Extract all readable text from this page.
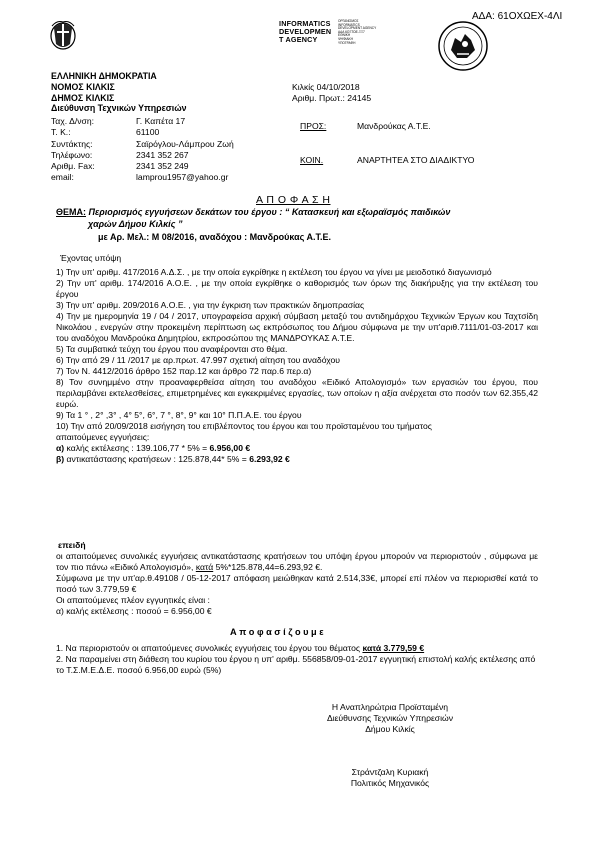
ΑΔΑ: 61ΟΧΩΕΧ-4ΛΙ
INFORMATICS
DEVELOPMEN
T AGENCY
ΟΡΓΑΝΙΣΜΟΣ
INFORMATICS
DEVELOPMENT AGENCY
ΑΔΑ 6ΟΞΤΩΕ-ΞΞ7
ΕΘΝΙΚΗ
ΨΗΦΙΑΚΗ
ΥΠΟΓΡΑΦΗ
ΕΛΛΗΝΙΚΗ ΔΗΜΟΚΡΑΤΙΑ
ΝΟΜΟΣ ΚΙΛΚΙΣ
ΔΗΜΟΣ ΚΙΛΚΙΣ
Διεύθυνση Τεχνικών Υπηρεσιών
Κιλκίς 04/10/2018
Αριθμ. Πρωτ.: 24145
Ταχ. Δ/νση:	Γ. Καπέτα 17
Τ. Κ.:	61100
Συντάκτης:	Σαϊρόγλου-Λάμπρου Ζωή
Τηλέφωνο:	2341 352 267
Αριθμ. Fax:	2341 352 249
email:	lamprou1957@yahoo.gr
ΠΡΟΣ:	Μανδρούκας Α.Τ.Ε.
ΚΟΙΝ.	ΑΝΑΡΤΗΤΕΑ ΣΤΟ ΔΙΑΔΙΚΤΥΟ
Α Π Ο Φ Α Σ Η
ΘΕΜΑ: Περιορισμός εγγυήσεων δεκάτων του έργου : “ Κατασκευή και εξωραϊσμός παιδικών
χαρών Δήμου Κιλκίς ”
με Αρ. Μελ.: Μ 08/2016, αναδόχου : Μανδρούκας Α.Τ.Ε.
Έχοντας υπόψη
1) Την υπ' αριθμ. 417/2016 Α.Δ.Σ. , με την οποία εγκρίθηκε η εκτέλεση του έργου να γίνει με μειοδοτικό διαγωνισμό
2) Την υπ' αριθμ. 174/2016 Α.Ο.Ε. , με την οποία εγκρίθηκε ο καθορισμός των όρων της διακήρυξης για την εκτέλεση του έργου
3) Την υπ' αριθμ. 209/2016 Α.Ο.Ε. , για την έγκριση των πρακτικών δημοπρασίας
4) Την με ημερομηνία 19 / 04 / 2017, υπογραφείσα αρχική σύμβαση μεταξύ του αντιδημάρχου Τεχνικών Έργων κου Ταχτσίδη Νικολάου , ενεργών στην προκειμένη περίπτωση ως εκπρόσωπος του Δήμου σύμφωνα με την υπ'αριθ.7111/01-03-2017 και του αναδόχου Μανδρούκα Δημητρίου, εκπροσώπου της ΜΑΝΔΡΟΥΚΑΣ Α.Τ.Ε.
5) Τα συμβατικά τεύχη του έργου που αναφέρονται στο θέμα.
6) Την από 29 / 11 /2017 με αρ.πρωτ. 47.997 σχετική αίτηση του αναδόχου
7) Τον Ν. 4412/2016 άρθρο 152 παρ.12 και άρθρο 72 παρ.6 περ.α)
8) Τον συνημμένο στην προαναφερθείσα αίτηση του αναδόχου «Ειδικό Απολογισμό» των εργασιών του έργου, που περιλαμβάνει εκτελεσθείσες, επιμετρημένες και εγκεκριμένες εργασίες, των οποίων η αξία ανέρχεται στο ποσόν των 62.355,42 ευρώ.
9) Τα 1 ° , 2° ,3° , 4° 5°, 6°, 7 °, 8°, 9° και 10° Π.Π.Α.Ε. του έργου
10) Την από 20/09/2018 εισήγηση του επιβλέποντος του έργου και του προϊσταμένου του τμήματος
απαιτούμενες εγγυήσεις:
α) καλής εκτέλεσης : 139.106,77 * 5% = 6.956,00 €
β) αντικατάστασης κρατήσεων : 125.878,44* 5% = 6.293,92 €
επειδή
οι απαιτούμενες συνολικές εγγυήσεις αντικατάστασης κρατήσεων του υπόψη έργου μπορούν να περιοριστούν , σύμφωνα με τον πιο πάνω «Ειδικό Απολογισμό», κατά 5%*125.878,44=6.293,92 €.
Σύμφωνα με την υπ'αρ.θ.49108 / 05-12-2017 απόφαση μειώθηκαν κατά 2.514,33€, μπορεί επί πλέον να περιορισθεί κατά το ποσό των 3.779,59 €
Οι απαιτούμενες πλέον εγγυητικές είναι :
α) καλής εκτέλεσης : ποσού = 6.956,00 €
Α π ο φ α σ ί ζ ο υ μ ε
1. Να περιοριστούν οι απαιτούμενες συνολικές εγγυήσεις του έργου του θέματος κατά 3.779,59 €
2. Να παραμείνει στη διάθεση του κυρίου του έργου η υπ' αριθμ. 556858/09-01-2017 εγγυητική επιστολή καλής εκτέλεσης από το Τ.Σ.Μ.Ε.Δ.Ε. ποσού 6.956,00 ευρώ (5%)
Η Αναπληρώτρια Προϊσταμένη
Διεύθυνσης Τεχνικών Υπηρεσιών
Δήμου Κιλκίς
Στράντζαλη Κυριακή
Πολιτικός Μηχανικός
